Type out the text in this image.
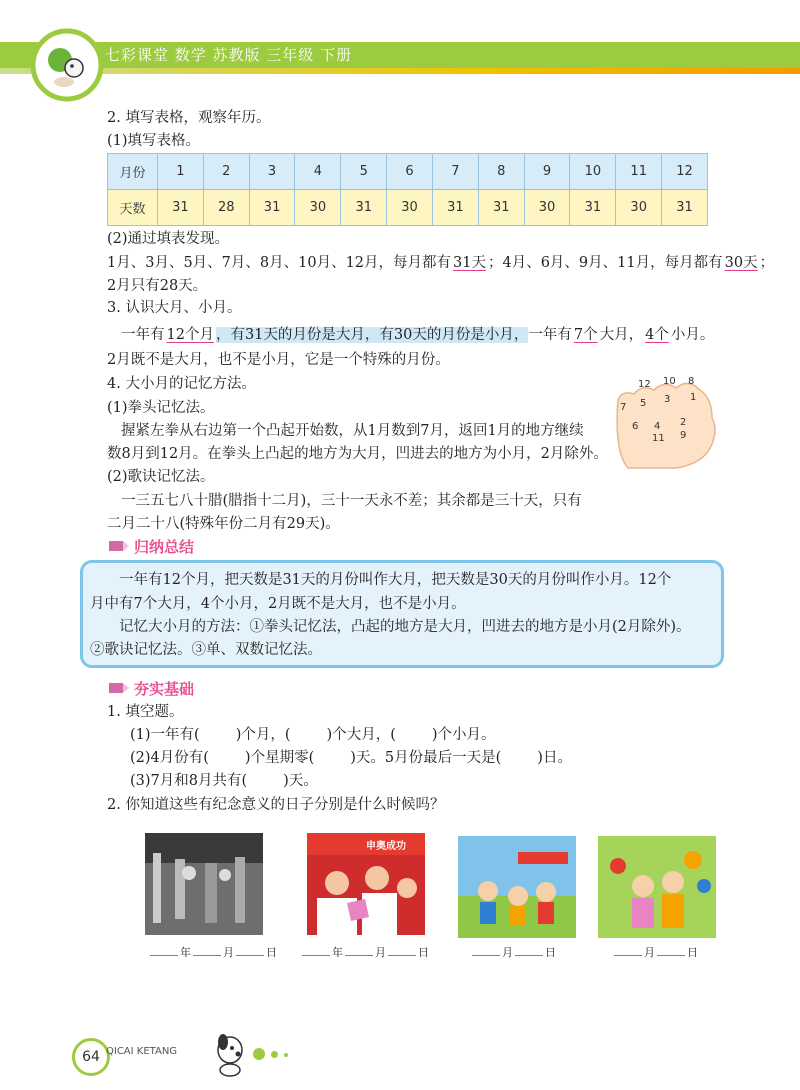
七彩课堂 数学 苏教版 三年级 下册
2. 填写表格，观察年历。
(1)填写表格。
月份	1	2	3	4	5	6	7	8	9	10	11	12
天数	31	28	31	30	31	30	31	31	30	31	30	31
(2)通过填表发现。
1月、3月、5月、7月、8月、10月、12月，每月都有 31天 ；4月、6月、9月、11月，每月都有 30天 ；
2月只有28天。
3. 认识大月、小月。
一年有 12个月 ，有31天的月份是大月，有30天的月份是小月，一年有 7个 大月， 4个 小月。
2月既不是大月，也不是小月，它是一个特殊的月份。
4. 大小月的记忆方法。
(1)拳头记忆法。
握紧左拳从右边第一个凸起开始数，从1月数到7月，返回1月的地方继续
数8月到12月。在拳头上凸起的地方为大月，凹进去的地方为小月，2月除外。
(2)歌诀记忆法。
一三五七八十腊(腊指十二月)，三十一天永不差；其余都是三十天，只有
二月二十八(特殊年份二月有29天)。
12 10 8
7 5 3 1
6 4 2
11 9
归纳总结
一年有12个月，把天数是31天的月份叫作大月，把天数是30天的月份叫作小月。12个
月中有7个大月，4个小月，2月既不是大月，也不是小月。
记忆大小月的方法：①拳头记忆法，凸起的地方是大月，凹进去的地方是小月(2月除外)。
②歌诀记忆法。③单、双数记忆法。
夯实基础
1. 填空题。
(1)一年有( )个月，( )个大月，( )个小月。
(2)4月份有( )个星期零( )天。5月份最后一天是( )日。
(3)7月和8月共有( )天。
2. 你知道这些有纪念意义的日子分别是什么时候吗？
申奥成功
年	月	日	年	月	日	月	日	月	日
64 QICAI KETANG
